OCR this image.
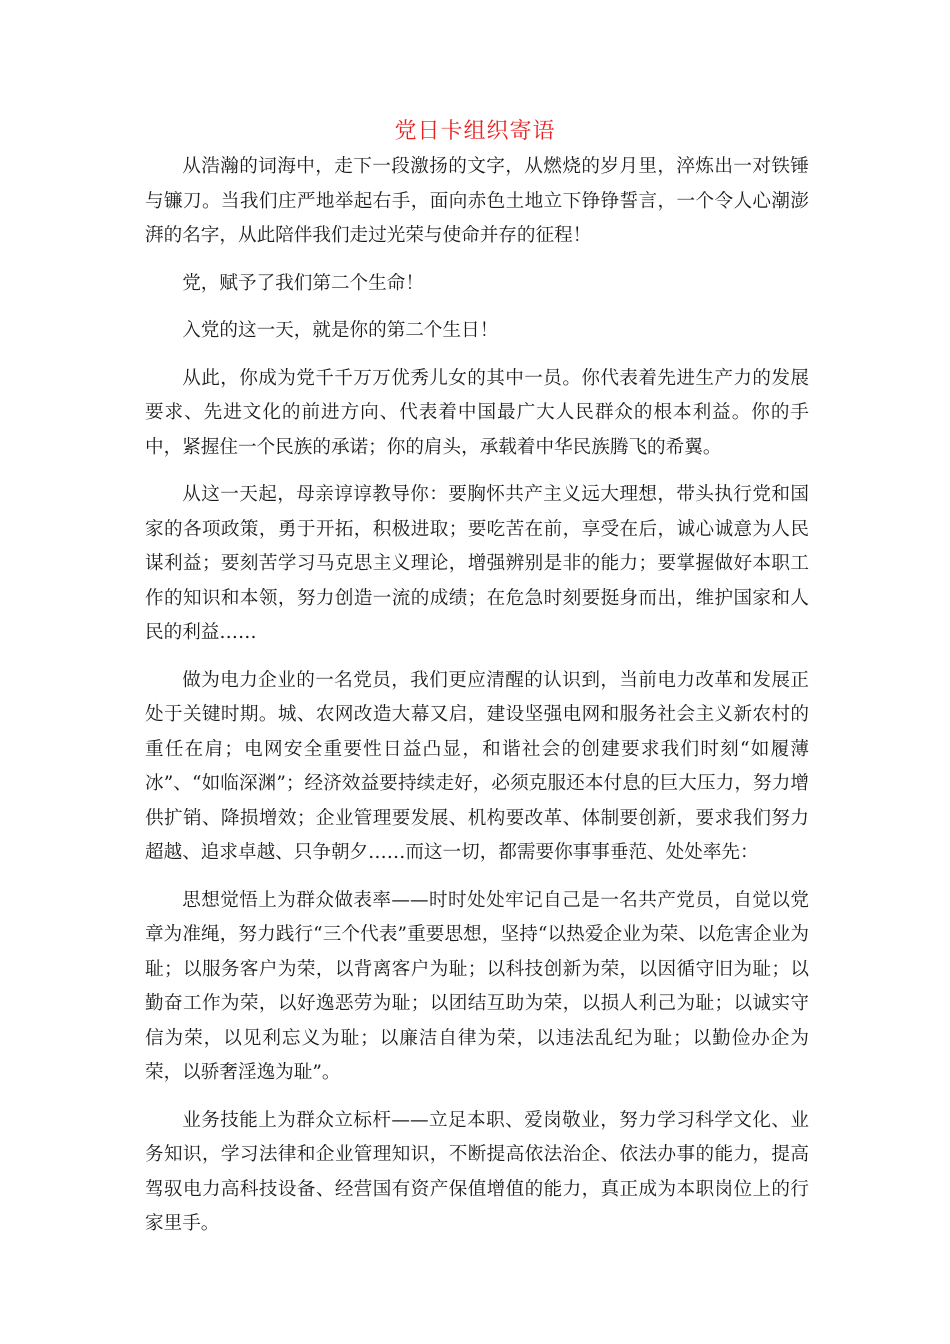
党日卡组织寄语

从浩瀚的词海中，走下一段激扬的文字，从燃烧的岁月里，淬炼出一对铁锤与镰刀。当我们庄严地举起右手，面向赤色土地立下铮铮誓言，一个令人心潮澎湃的名字，从此陪伴我们走过光荣与使命并存的征程！

党，赋予了我们第二个生命！

入党的这一天，就是你的第二个生日！

从此，你成为党千千万万优秀儿女的其中一员。你代表着先进生产力的发展要求、先进文化的前进方向、代表着中国最广大人民群众的根本利益。你的手中，紧握住一个民族的承诺；你的肩头，承载着中华民族腾飞的希翼。

从这一天起，母亲谆谆教导你：要胸怀共产主义远大理想，带头执行党和国家的各项政策，勇于开拓，积极进取；要吃苦在前，享受在后，诚心诚意为人民谋利益；要刻苦学习马克思主义理论，增强辨别是非的能力；要掌握做好本职工作的知识和本领，努力创造一流的成绩；在危急时刻要挺身而出，维护国家和人民的利益……

做为电力企业的一名党员，我们更应清醒的认识到，当前电力改革和发展正处于关键时期。城、农网改造大幕又启，建设坚强电网和服务社会主义新农村的重任在肩；电网安全重要性日益凸显，和谐社会的创建要求我们时刻“如履薄冰”、“如临深渊”；经济效益要持续走好，必须克服还本付息的巨大压力，努力增供扩销、降损增效；企业管理要发展、机构要改革、体制要创新，要求我们努力超越、追求卓越、只争朝夕……而这一切，都需要你事事垂范、处处率先：

思想觉悟上为群众做表率——时时处处牢记自己是一名共产党员，自觉以党章为准绳，努力践行“三个代表”重要思想，坚持“以热爱企业为荣、以危害企业为耻；以服务客户为荣，以背离客户为耻；以科技创新为荣，以因循守旧为耻；以勤奋工作为荣，以好逸恶劳为耻；以团结互助为荣，以损人利己为耻；以诚实守信为荣，以见利忘义为耻；以廉洁自律为荣，以违法乱纪为耻；以勤俭办企为荣，以骄奢淫逸为耻”。

业务技能上为群众立标杆——立足本职、爱岗敬业，努力学习科学文化、业务知识，学习法律和企业管理知识，不断提高依法治企、依法办事的能力，提高驾驭电力高科技设备、经营国有资产保值增值的能力，真正成为本职岗位上的行家里手。
